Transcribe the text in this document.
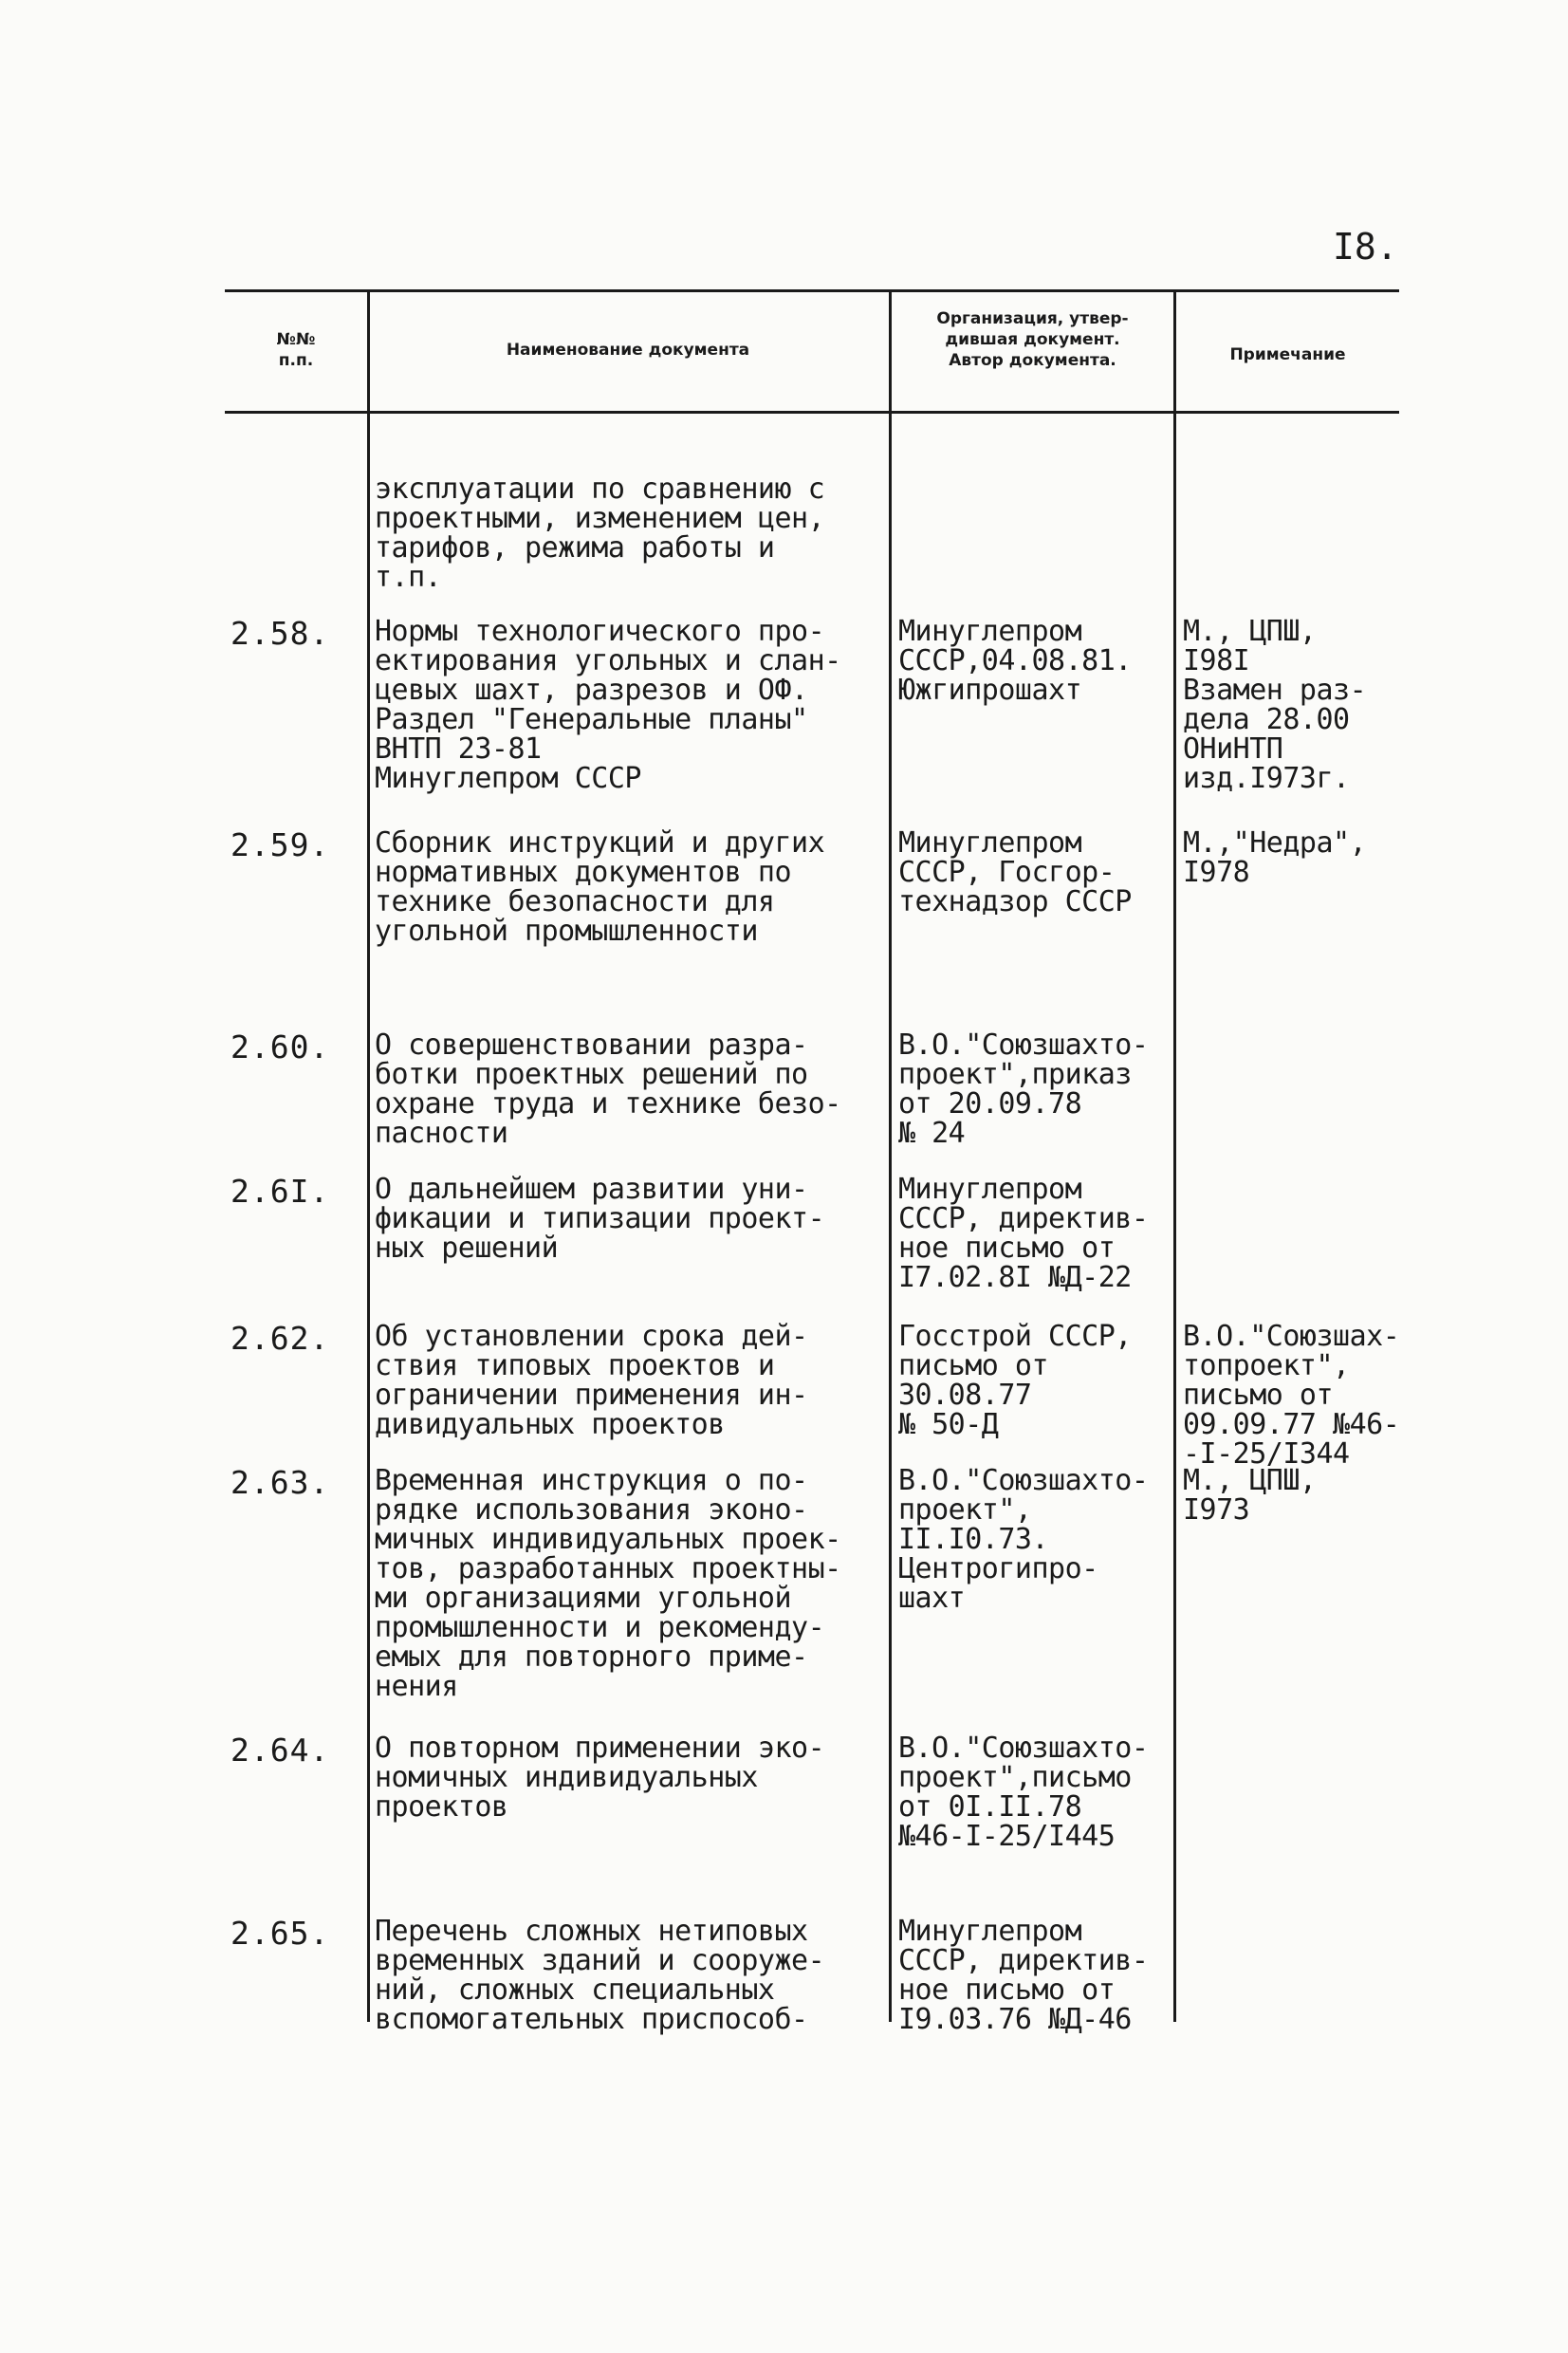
I8.
№№
п.п.
Наименование документа
Организация, утвер-
дившая документ.
Автор документа.	Примечание
эксплуатации по сравнению с
проектными, изменением цен,
тарифов, режима работы и
т.п.
2.58. Нормы технологического про-
ектирования угольных и слан-
цевых шахт, разрезов и ОФ.
Раздел "Генеральные планы"
ВНТП 23-81
Минуглепром СССР
Минуглепром
СССР,04.08.81.
Южгипрошахт
М., ЦПШ,
I98I
Взамен раз-
дела 28.00
ОНиНТП
изд.I973г.
2.59. Сборник инструкций и других
нормативных документов по
технике безопасности для
угольной промышленности
Минуглепром
СССР, Госгор-
технадзор СССР
М.,"Недра",
I978
2.60. О совершенствовании разра-
ботки проектных решений по
охране труда и технике безо-
пасности
В.О."Союзшахто-
проект",приказ
от 20.09.78
№ 24
2.6I. О дальнейшем развитии уни-
фикации и типизации проект-
ных решений
Минуглепром
СССР, директив-
ное письмо от
I7.02.8I №Д-22
2.62. Об установлении срока дей-
ствия типовых проектов и
ограничении применения ин-
дивидуальных проектов
Госстрой СССР,
письмо от
30.08.77
№ 50-Д
В.О."Союзшах-
топроект",
письмо от
09.09.77 №46-
-I-25/I344
2.63. Временная инструкция о по-
рядке использования эконо-
мичных индивидуальных проек-
тов, разработанных проектны-
ми организациями угольной
промышленности и рекоменду-
емых для повторного приме-
нения
В.О."Союзшахто-
проект",
II.I0.73.
Центрогипро-
шахт
М., ЦПШ,
I973
2.64. О повторном применении эко-
номичных индивидуальных
проектов
В.О."Союзшахто-
проект",письмо
от 0I.II.78
№46-I-25/I445
2.65. Перечень сложных нетиповых
временных зданий и сооруже-
ний, сложных специальных
вспомогательных приспособ-
Минуглепром
СССР, директив-
ное письмо от
I9.03.76 №Д-46
